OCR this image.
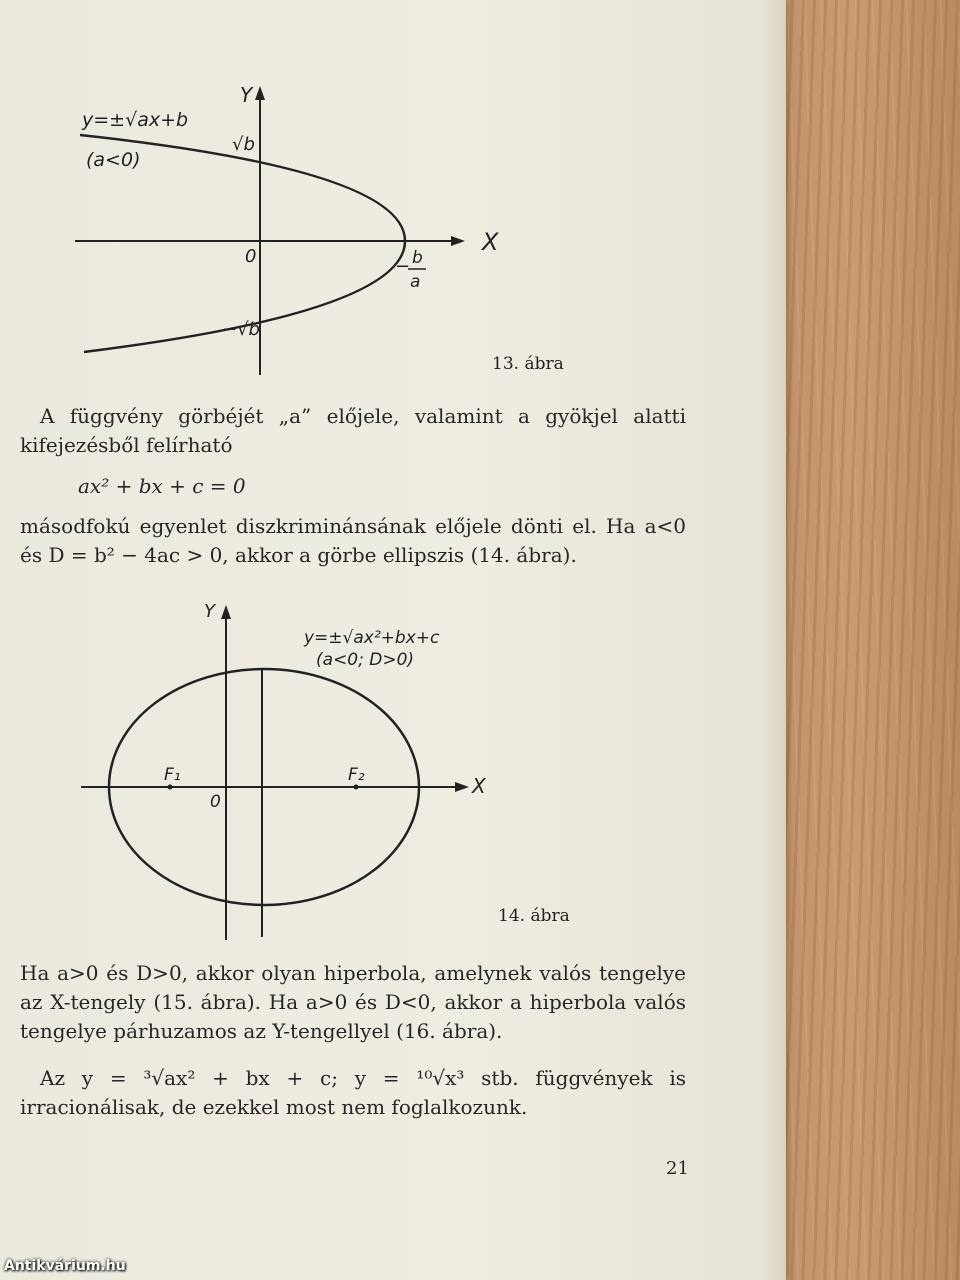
Y
X
0
y=±√ax+b
(a<0)
√b
−√b
− b
a
13. ábra

A függvény görbéjét „a” előjele, valamint a gyökjel alatti kifejezésből felírható

ax² + bx + c = 0

másodfokú egyenlet diszkriminánsának előjele dönti el. Ha a<0 és D = b² − 4ac > 0, akkor a görbe ellipszis (14. ábra).

Y
X
0
F₁	F₂
y=±√ax²+bx+c
(a<0; D>0)
14. ábra

Ha a>0 és D>0, akkor olyan hiperbola, amelynek valós tengelye az X-tengely (15. ábra). Ha a>0 és D<0, akkor a hiperbola valós tengelye párhuzamos az Y-tengellyel (16. ábra).

Az y = ³√ax² + bx + c; y = ¹⁰√x³ stb. függvények is irracionálisak, de ezekkel most nem foglalkozunk.

21
Antikvárium.hu
